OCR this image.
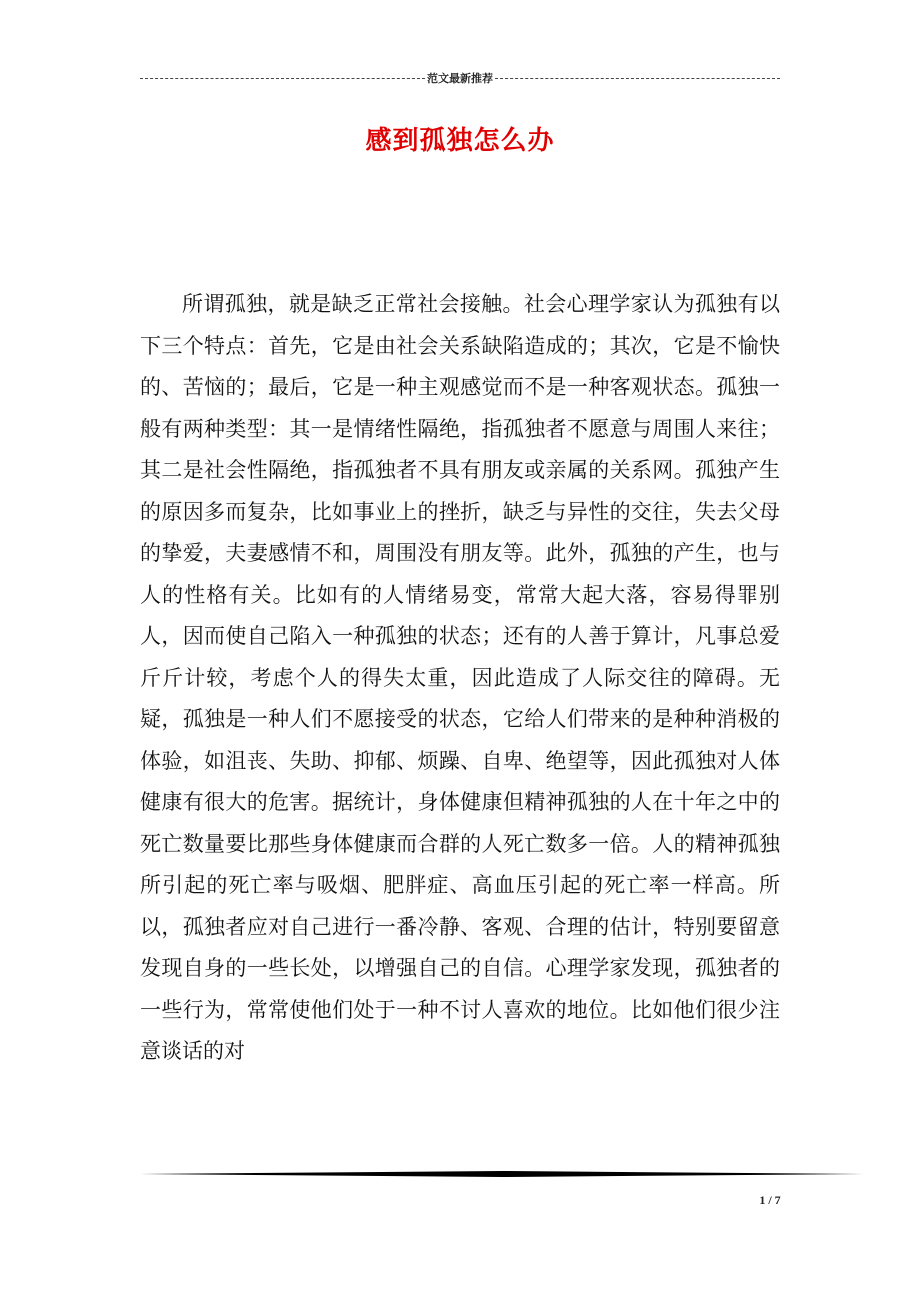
范文最新推荐
感到孤独怎么办

所谓孤独，就是缺乏正常社会接触。社会心理学家认为孤独有以下三个特点：首先，它是由社会关系缺陷造成的；其次，它是不愉快的、苦恼的；最后，它是一种主观感觉而不是一种客观状态。孤独一般有两种类型：其一是情绪性隔绝，指孤独者不愿意与周围人来往；其二是社会性隔绝，指孤独者不具有朋友或亲属的关系网。孤独产生的原因多而复杂，比如事业上的挫折，缺乏与异性的交往，失去父母的挚爱，夫妻感情不和，周围没有朋友等。此外，孤独的产生，也与人的性格有关。比如有的人情绪易变，常常大起大落，容易得罪别人，因而使自己陷入一种孤独的状态；还有的人善于算计，凡事总爱斤斤计较，考虑个人的得失太重，因此造成了人际交往的障碍。无疑，孤独是一种人们不愿接受的状态，它给人们带来的是种种消极的体验，如沮丧、失助、抑郁、烦躁、自卑、绝望等，因此孤独对人体健康有很大的危害。据统计，身体健康但精神孤独的人在十年之中的死亡数量要比那些身体健康而合群的人死亡数多一倍。人的精神孤独所引起的死亡率与吸烟、肥胖症、高血压引起的死亡率一样高。所以，孤独者应对自己进行一番冷静、客观、合理的估计，特别要留意发现自身的一些长处，以增强自己的自信。心理学家发现，孤独者的一些行为，常常使他们处于一种不讨人喜欢的地位。比如他们很少注意谈话的对

1 / 7
